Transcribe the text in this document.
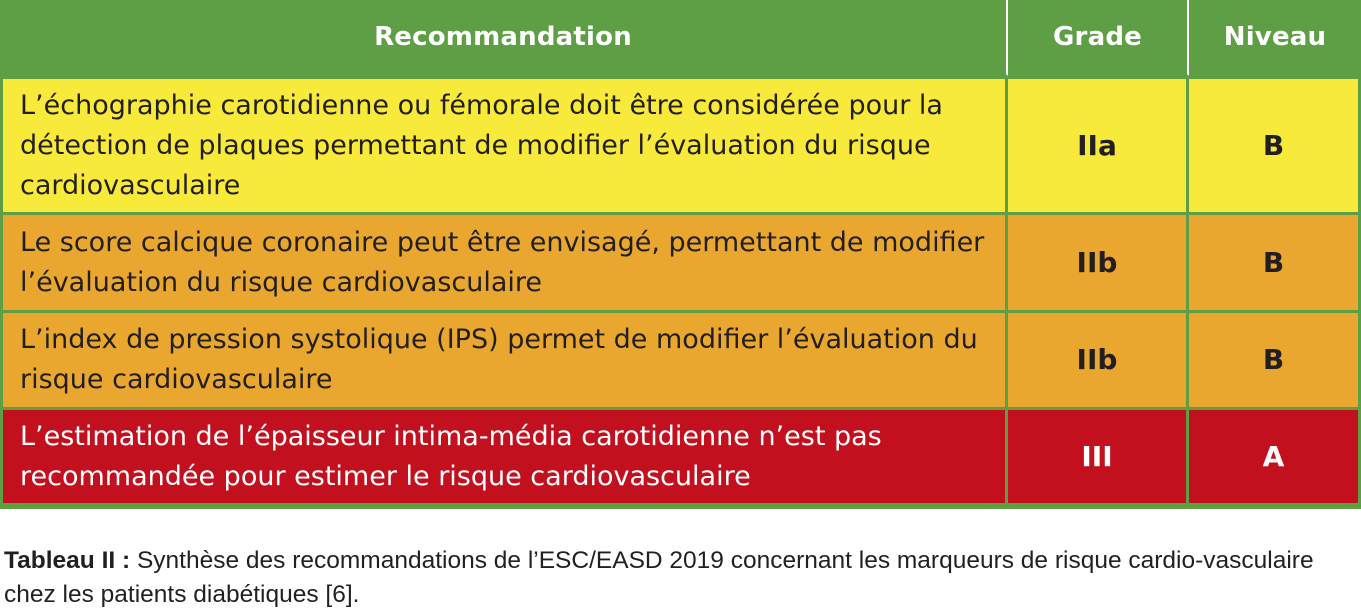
Recommandation	Grade	Niveau
L’échographie carotidienne ou fémorale doit être considérée pour la détection de plaques permettant de modifier l’évaluation du risque cardiovasculaire	IIa	B
Le score calcique coronaire peut être envisagé, permettant de modifier l’évaluation du risque cardiovasculaire	IIb	B
L’index de pression systolique (IPS) permet de modifier l’évaluation du risque cardiovasculaire	IIb	B
L’estimation de l’épaisseur intima-média carotidienne n’est pas recommandée pour estimer le risque cardiovasculaire	III	A
Tableau II : Synthèse des recommandations de l’ESC/EASD 2019 concernant les marqueurs de risque cardio-vasculaire chez les patients diabétiques [6].
